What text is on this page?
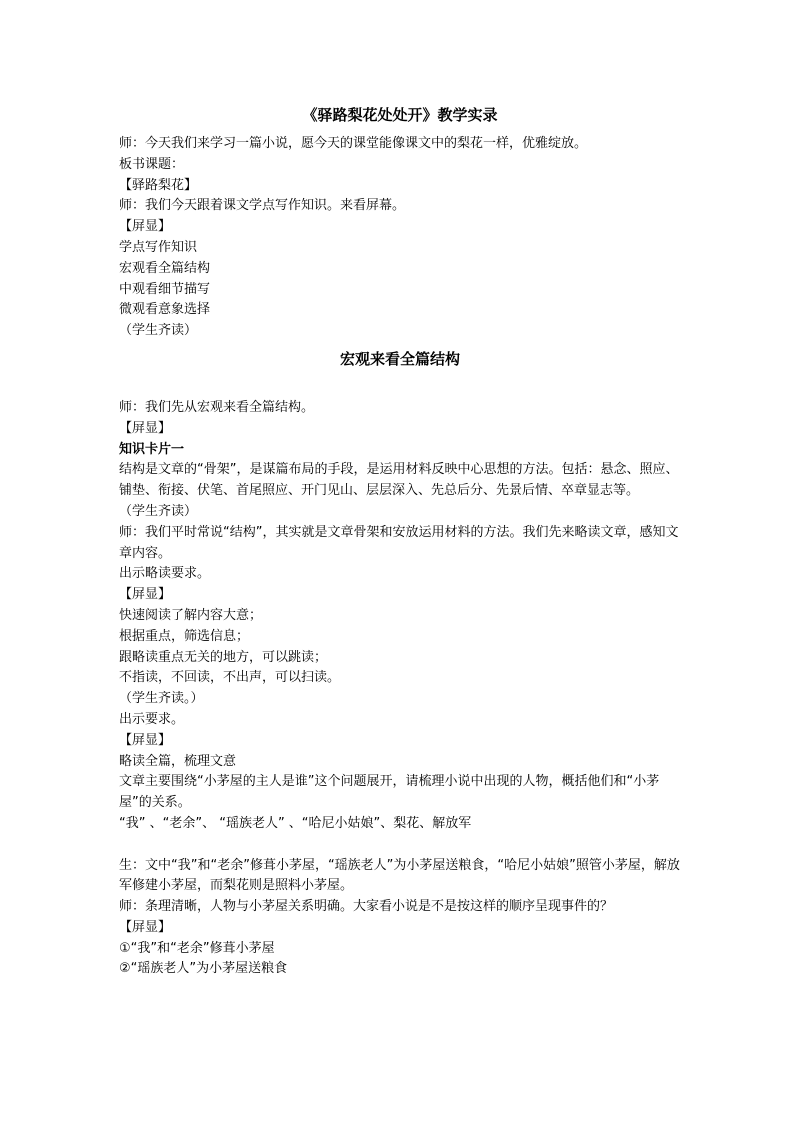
《驿路梨花处处开》教学实录

师：今天我们来学习一篇小说，愿今天的课堂能像课文中的梨花一样，优雅绽放。

板书课题：

【驿路梨花】

师：我们今天跟着课文学点写作知识。来看屏幕。

【屏显】

学点写作知识

宏观看全篇结构

中观看细节描写

微观看意象选择

（学生齐读）

宏观来看全篇结构

师：我们先从宏观来看全篇结构。

【屏显】

知识卡片一

结构是文章的“骨架”，是谋篇布局的手段，是运用材料反映中心思想的方法。包括：悬念、照应、铺垫、衔接、伏笔、首尾照应、开门见山、层层深入、先总后分、先景后情、卒章显志等。

（学生齐读）

师：我们平时常说“结构”，其实就是文章骨架和安放运用材料的方法。我们先来略读文章，感知文章内容。

出示略读要求。

【屏显】

快速阅读了解内容大意；

根据重点，筛选信息；

跟略读重点无关的地方，可以跳读；

不指读，不回读，不出声，可以扫读。

（学生齐读。）

出示要求。

【屏显】

略读全篇，梳理文意

文章主要围绕“小茅屋的主人是谁”这个问题展开，请梳理小说中出现的人物，概括他们和“小茅屋”的关系。

“我” 、“老余”、 “瑶族老人” 、“哈尼小姑娘”、梨花、解放军

生：文中“我”和“老余”修葺小茅屋，“瑶族老人”为小茅屋送粮食，“哈尼小姑娘”照管小茅屋，解放军修建小茅屋，而梨花则是照料小茅屋。

师：条理清晰，人物与小茅屋关系明确。大家看小说是不是按这样的顺序呈现事件的？

【屏显】

①“我”和“老余”修葺小茅屋

②“瑶族老人”为小茅屋送粮食
